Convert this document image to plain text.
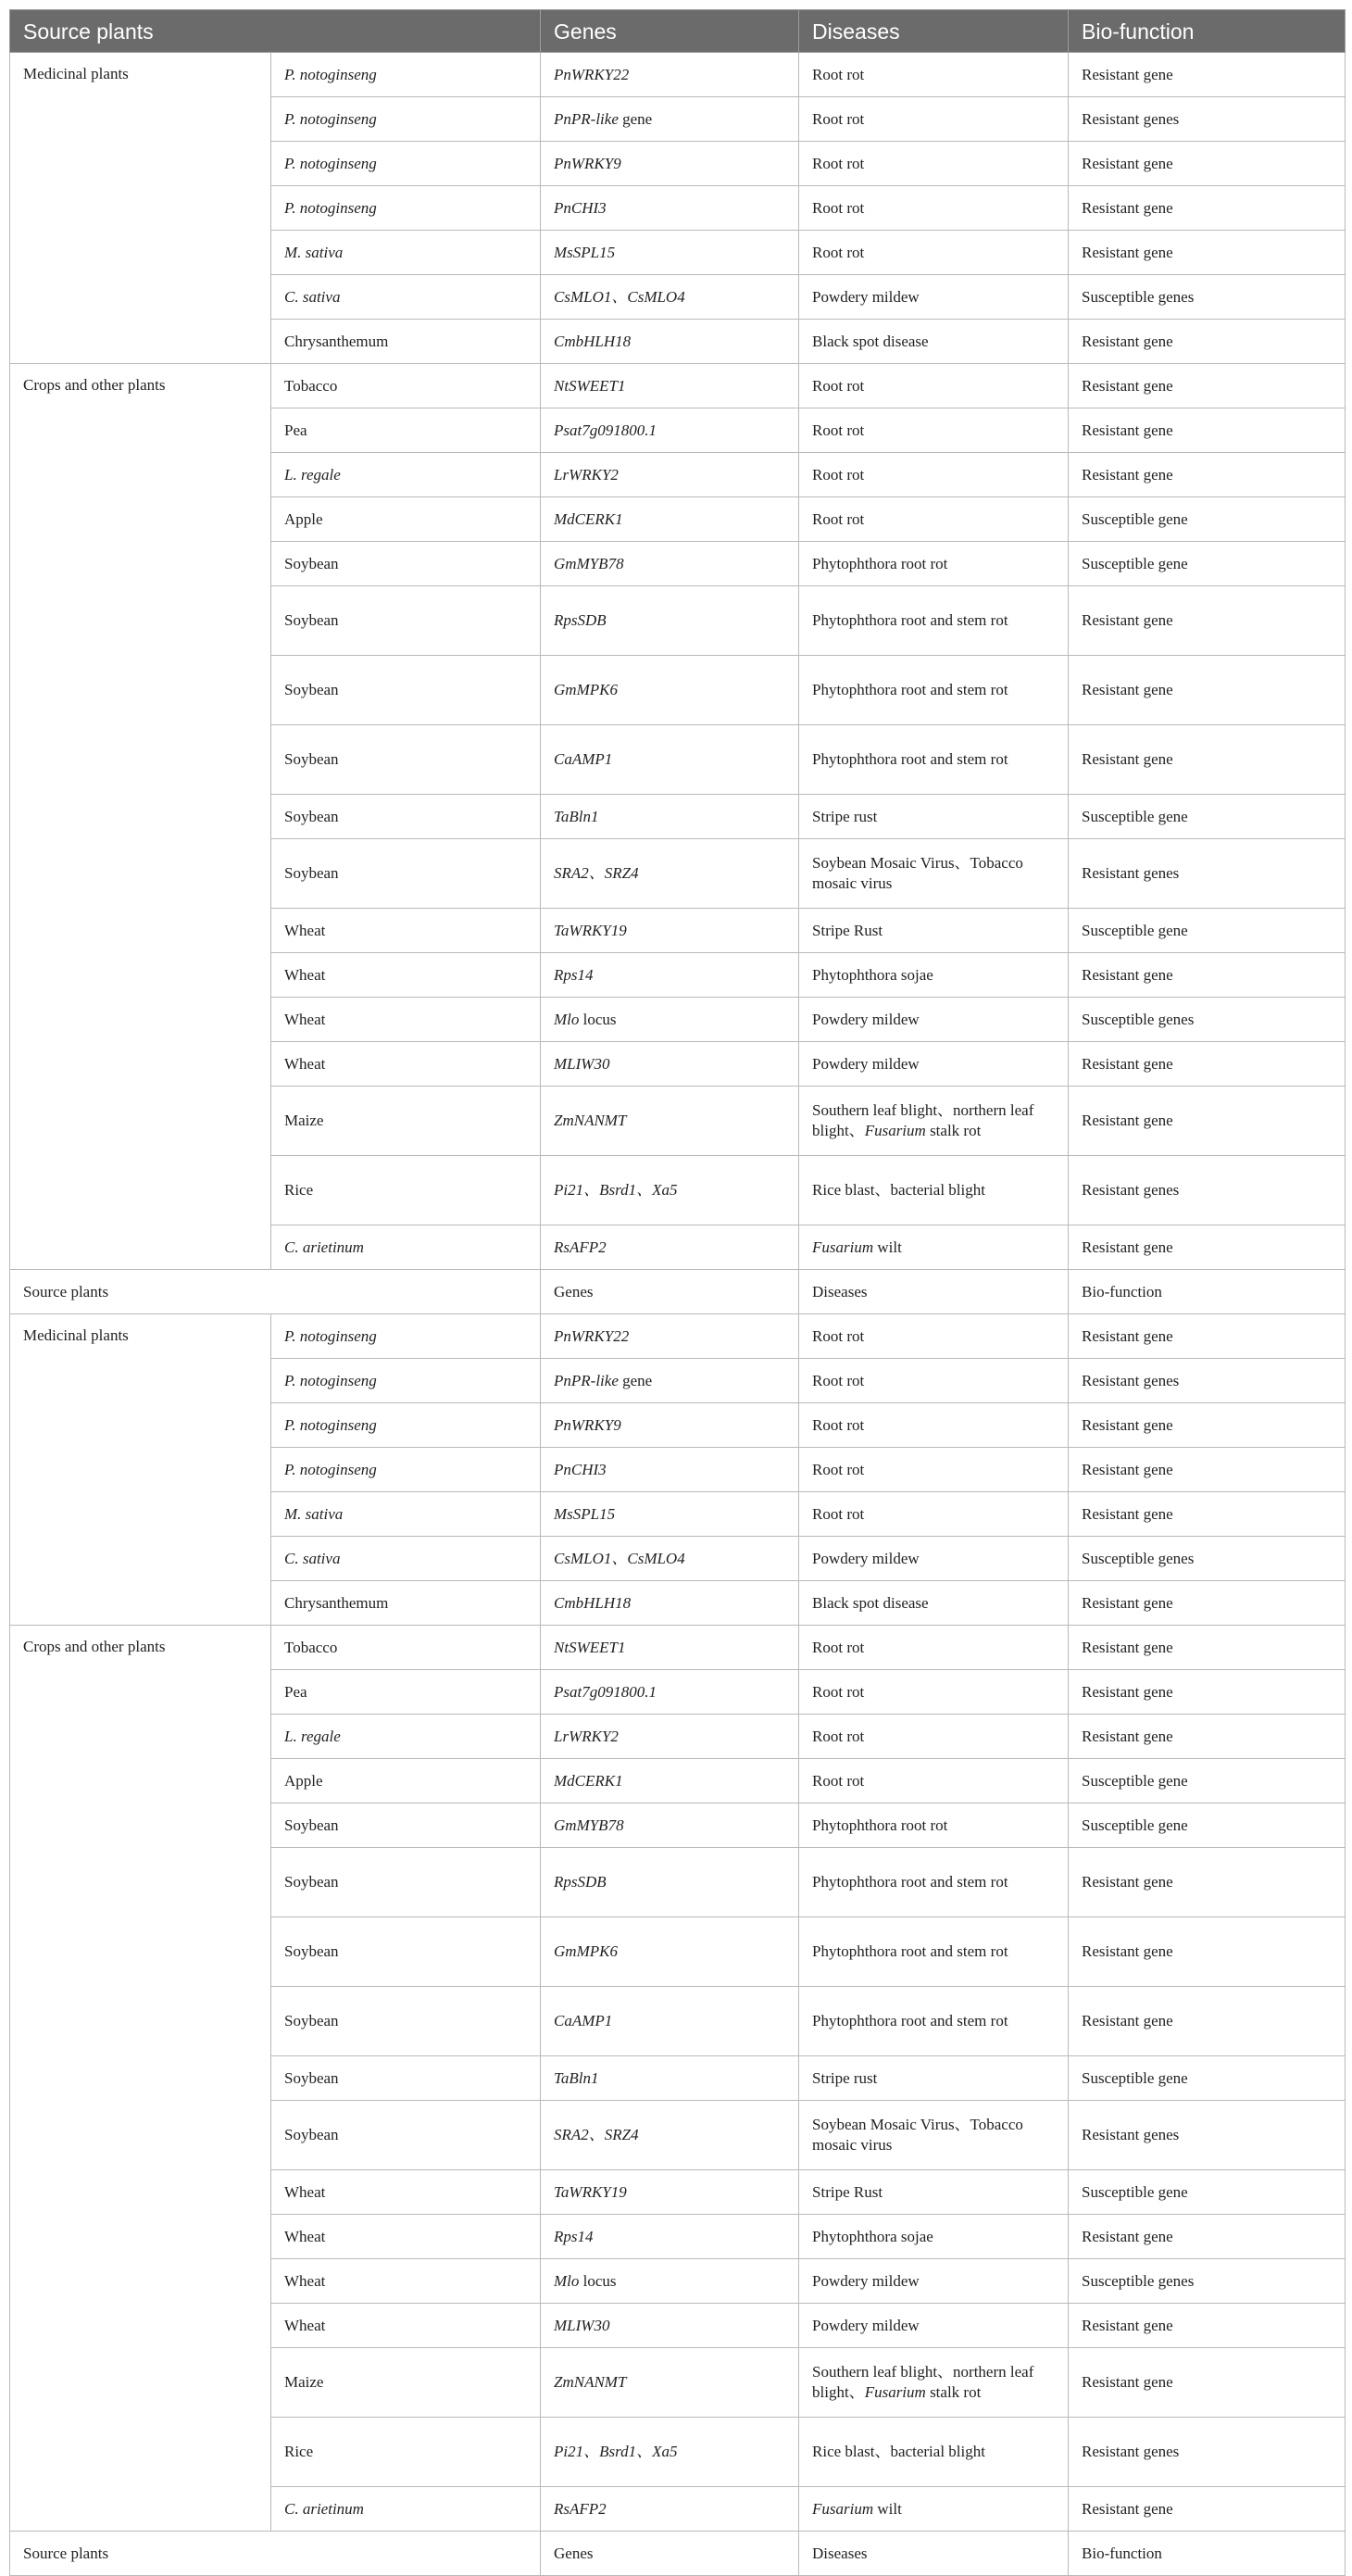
Source plants		Genes	Diseases	Bio-function
Medicinal plants	P. notoginseng	PnWRKY22	Root rot	Resistant gene
	P. notoginseng	PnPR-like gene	Root rot	Resistant genes
	P. notoginseng	PnWRKY9	Root rot	Resistant gene
	P. notoginseng	PnCHI3	Root rot	Resistant gene
	M. sativa	MsSPL15	Root rot	Resistant gene
	C. sativa	CsMLO1、CsMLO4	Powdery mildew	Susceptible genes
	Chrysanthemum	CmbHLH18	Black spot disease	Resistant gene
Crops and other plants	Tobacco	NtSWEET1	Root rot	Resistant gene
	Pea	Psat7g091800.1	Root rot	Resistant gene
	L. regale	LrWRKY2	Root rot	Resistant gene
	Apple	MdCERK1	Root rot	Susceptible gene
	Soybean	GmMYB78	Phytophthora root rot	Susceptible gene
	Soybean	RpsSDB	Phytophthora root and stem rot	Resistant gene
	Soybean	GmMPK6	Phytophthora root and stem rot	Resistant gene
	Soybean	CaAMP1	Phytophthora root and stem rot	Resistant gene
	Soybean	TaBln1	Stripe rust	Susceptible gene
	Soybean	SRA2、SRZ4	Soybean Mosaic Virus、Tobacco mosaic virus	Resistant genes
	Wheat	TaWRKY19	Stripe Rust	Susceptible gene
	Wheat	Rps14	Phytophthora sojae	Resistant gene
	Wheat	Mlo locus	Powdery mildew	Susceptible genes
	Wheat	MLIW30	Powdery mildew	Resistant gene
	Maize	ZmNANMT	Southern leaf blight、northern leaf blight、Fusarium stalk rot	Resistant gene
	Rice	Pi21、Bsrd1、Xa5	Rice blast、bacterial blight	Resistant genes
	C. arietinum	RsAFP2	Fusarium wilt	Resistant gene
Source plants		Genes	Diseases	Bio-function
Medicinal plants	P. notoginseng	PnWRKY22	Root rot	Resistant gene
	P. notoginseng	PnPR-like gene	Root rot	Resistant genes
	P. notoginseng	PnWRKY9	Root rot	Resistant gene
	P. notoginseng	PnCHI3	Root rot	Resistant gene
	M. sativa	MsSPL15	Root rot	Resistant gene
	C. sativa	CsMLO1、CsMLO4	Powdery mildew	Susceptible genes
	Chrysanthemum	CmbHLH18	Black spot disease	Resistant gene
Crops and other plants	Tobacco	NtSWEET1	Root rot	Resistant gene
	Pea	Psat7g091800.1	Root rot	Resistant gene
	L. regale	LrWRKY2	Root rot	Resistant gene
	Apple	MdCERK1	Root rot	Susceptible gene
	Soybean	GmMYB78	Phytophthora root rot	Susceptible gene
	Soybean	RpsSDB	Phytophthora root and stem rot	Resistant gene
	Soybean	GmMPK6	Phytophthora root and stem rot	Resistant gene
	Soybean	CaAMP1	Phytophthora root and stem rot	Resistant gene
	Soybean	TaBln1	Stripe rust	Susceptible gene
	Soybean	SRA2、SRZ4	Soybean Mosaic Virus、Tobacco mosaic virus	Resistant genes
	Wheat	TaWRKY19	Stripe Rust	Susceptible gene
	Wheat	Rps14	Phytophthora sojae	Resistant gene
	Wheat	Mlo locus	Powdery mildew	Susceptible genes
	Wheat	MLIW30	Powdery mildew	Resistant gene
	Maize	ZmNANMT	Southern leaf blight、northern leaf blight、Fusarium stalk rot	Resistant gene
	Rice	Pi21、Bsrd1、Xa5	Rice blast、bacterial blight	Resistant genes
	C. arietinum	RsAFP2	Fusarium wilt	Resistant gene
Source plants		Genes	Diseases	Bio-function
